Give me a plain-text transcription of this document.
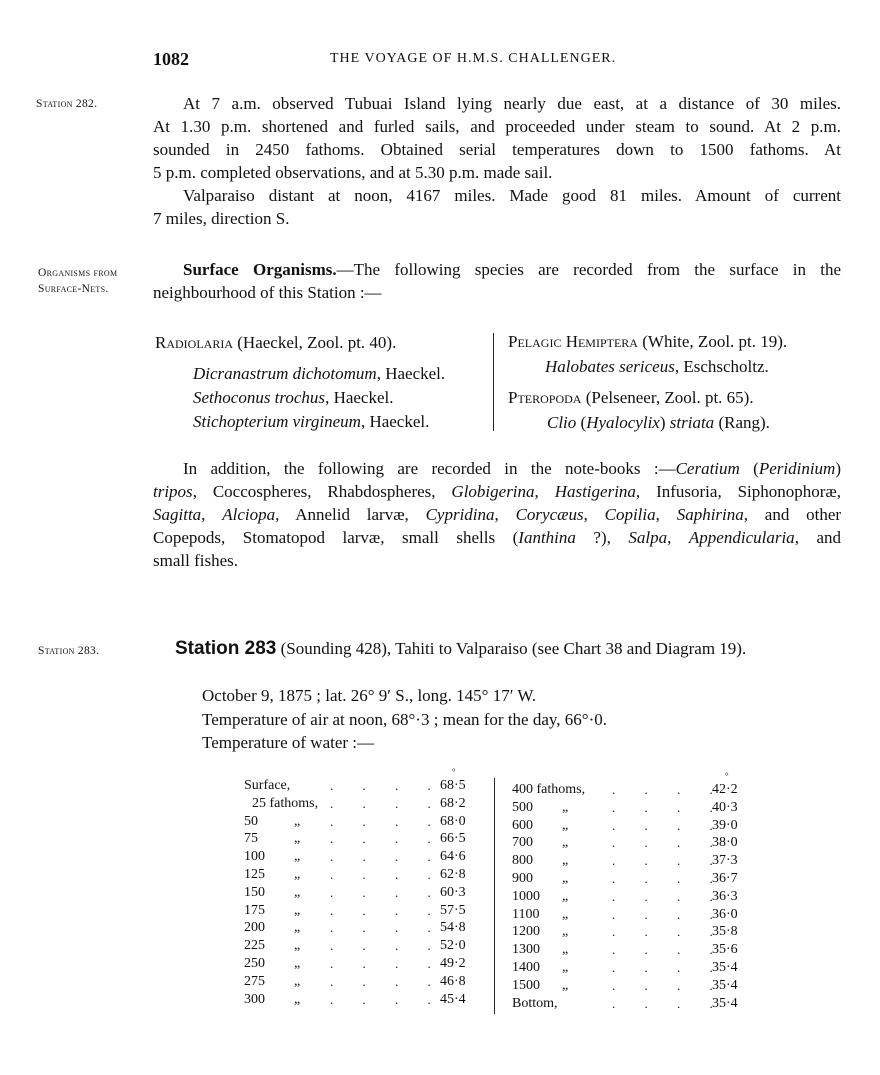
1082	THE VOYAGE OF H.M.S. CHALLENGER.
Station 282.	At 7 a.m. observed Tubuai Island lying nearly due east, at a distance of 30 miles.
At 1.30 p.m. shortened and furled sails, and proceeded under steam to sound. At 2 p.m.
sounded in 2450 fathoms. Obtained serial temperatures down to 1500 fathoms. At
5 p.m. completed observations, and at 5.30 p.m. made sail.
Valparaiso distant at noon, 4167 miles. Made good 81 miles. Amount of current
7 miles, direction S.
Organisms from
Surface-Nets.
Surface Organisms.—The following species are recorded from the surface in the
neighbourhood of this Station :—
Radiolaria (Haeckel, Zool. pt. 40).
Dicranastrum dichotomum, Haeckel.
Sethoconus trochus, Haeckel.
Stichopterium virgineum, Haeckel.
Pelagic Hemiptera (White, Zool. pt. 19).
Halobates sericeus, Eschscholtz.
Pteropoda (Pelseneer, Zool. pt. 65).
Clio (Hyalocylix) striata (Rang).
In addition, the following are recorded in the note-books :—Ceratium (Peridinium)
tripos, Coccospheres, Rhabdospheres, Globigerina, Hastigerina, Infusoria, Siphonophoræ,
Sagitta, Alciopa, Annelid larvæ, Cypridina, Corycæus, Copilia, Saphirina, and other
Copepods, Stomatopod larvæ, small shells (Ianthina ?), Salpa, Appendicularia, and
small fishes.
Station 283.	Station 283 (Sounding 428), Tahiti to Valparaiso (see Chart 38 and Diagram 19).
October 9, 1875 ; lat. 26° 9′ S., long. 145° 17′ W.
Temperature of air at noon, 68°·3 ; mean for the day, 66°·0.
Temperature of water :—
°	°
Surface,	.         .         .         . 68·5
25 fathoms, .         .         .         . 68·2
50	„ .         .         .         . 68·0
75	„ .         .         .         . 66·5
100 „ .         .         .         . 64·6
125 „ .         .         .         . 62·8
150 „ .         .         .         . 60·3
175 „ .         .         .         . 57·5
200 „ .         .         .         . 54·8
225 „ .         .         .         . 52·0
250 „ .         .         .         . 49·2
275 „ .         .         .         . 46·8
300 „ .         .         .         . 45·4
400 fathoms, .         .         .         . 42·2
500 „	.         .         .         . 40·3
600 „	.         .         .         . 39·0
700 „	.         .         .         . 38·0
800 „	.         .         .         . 37·3
900 „	.         .         .         . 36·7
1000 „	.         .         .         . 36·3
1100 „	.         .         .         . 36·0
1200 „	.         .         .         . 35·8
1300 „	.         .         .         . 35·6
1400 „	.         .         .         . 35·4
1500 „	.         .         .         . 35·4
Bottom,	.         .         .         . 35·4
